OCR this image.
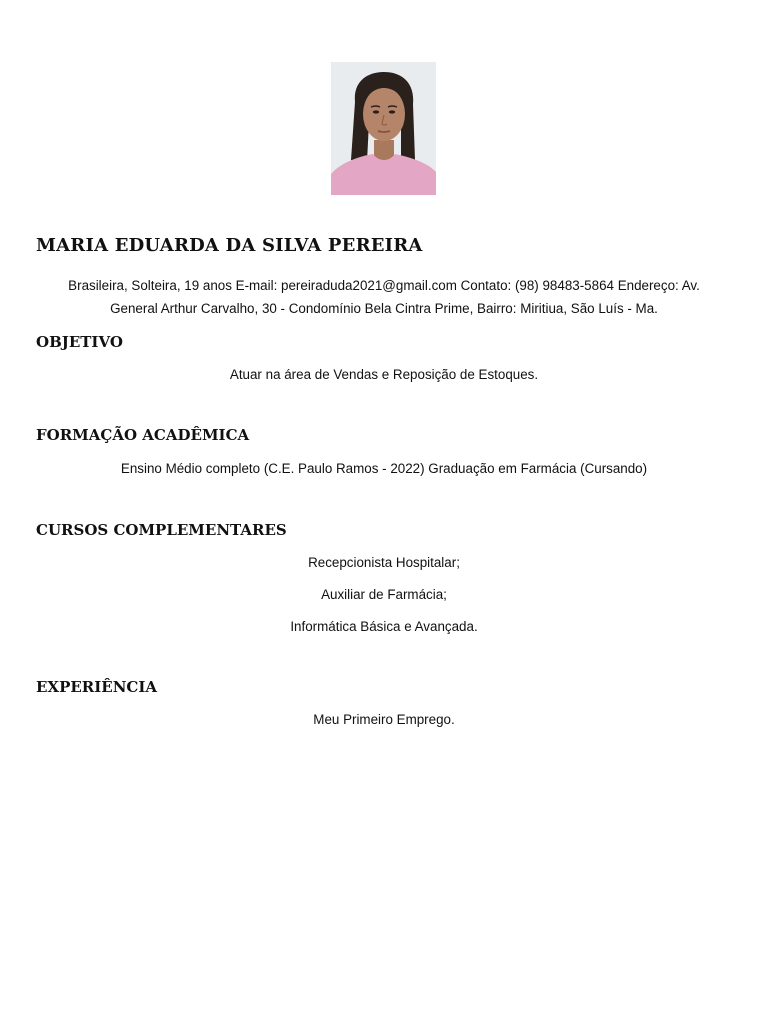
MARIA EDUARDA DA SILVA PEREIRA

Brasileira, Solteira, 19 anos E-mail: pereiraduda2021@gmail.com Contato: (98) 98483-5864 Endereço: Av. General Arthur Carvalho, 30 - Condomínio Bela Cintra Prime, Bairro: Miritiua, São Luís - Ma.

OBJETIVO

Atuar na área de Vendas e Reposição de Estoques.

FORMAÇÃO ACADÊMICA

Ensino Médio completo (C.E. Paulo Ramos - 2022) Graduação em Farmácia (Cursando)

CURSOS COMPLEMENTARES

Recepcionista Hospitalar;

Auxiliar de Farmácia;

Informática Básica e Avançada.

EXPERIÊNCIA

Meu Primeiro Emprego.
